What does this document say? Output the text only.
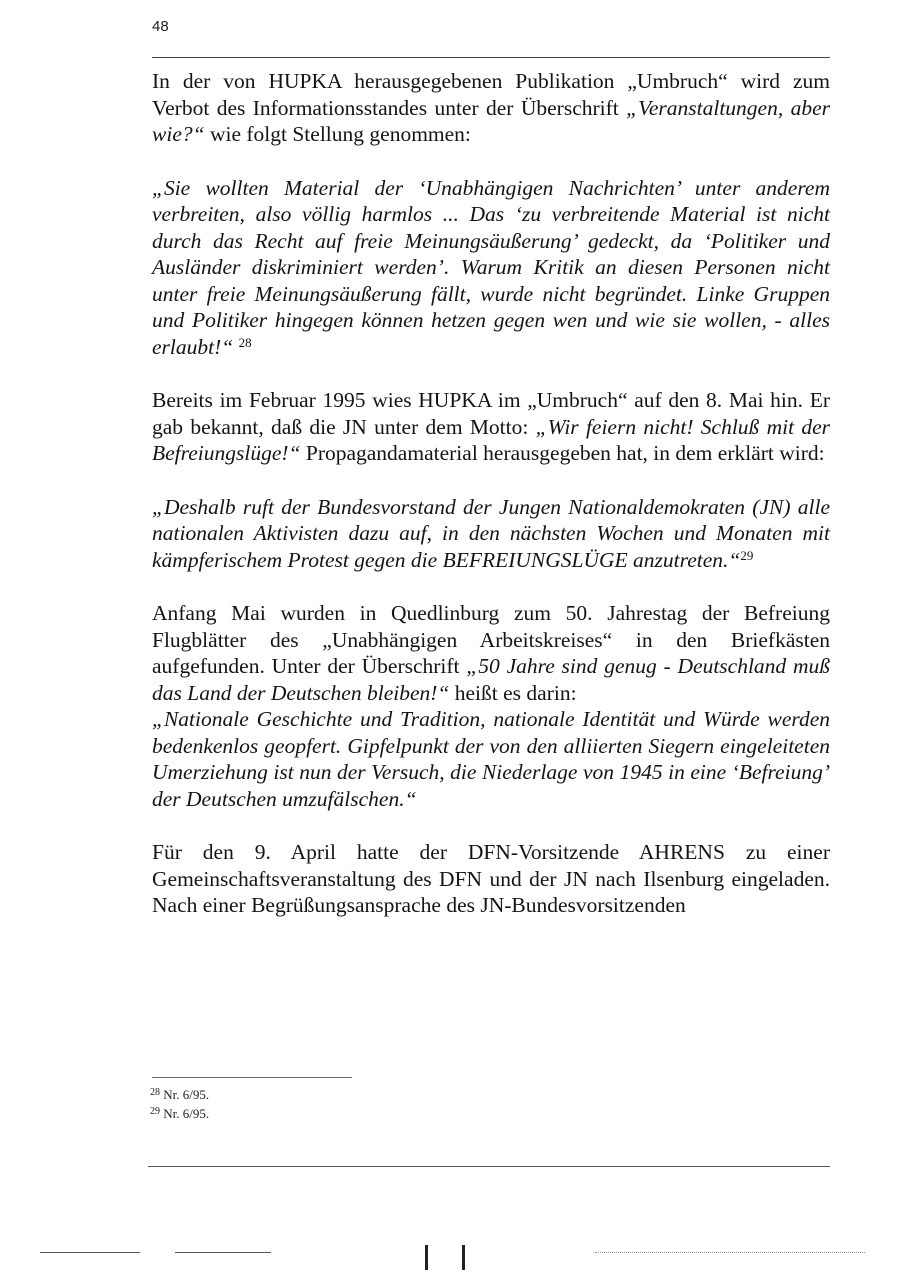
48

In der von HUPKA herausgegebenen Publikation „Umbruch“ wird zum Verbot des Informationsstandes unter der Überschrift „Veranstaltungen, aber wie?“ wie folgt Stellung genommen:

„Sie wollten Material der ‘Unabhängigen Nachrichten’ unter anderem verbreiten, also völlig harmlos ... Das ‘zu verbreitende Material ist nicht durch das Recht auf freie Meinungsäußerung’ gedeckt, da ‘Politiker und Ausländer diskriminiert werden’. Warum Kritik an diesen Personen nicht unter freie Meinungsäußerung fällt, wurde nicht begründet. Linke Gruppen und Politiker hingegen können hetzen gegen wen und wie sie wollen, - alles erlaubt!“ $^{28}$

Bereits im Februar 1995 wies HUPKA im „Umbruch“ auf den 8. Mai hin. Er gab bekannt, daß die JN unter dem Motto: „Wir feiern nicht! Schluß mit der Befreiungslüge!“ Propagandamaterial herausgegeben hat, in dem erklärt wird:

„Deshalb ruft der Bundesvorstand der Jungen Nationaldemokraten (JN) alle nationalen Aktivisten dazu auf, in den nächsten Wochen und Monaten mit kämpferischem Protest gegen die BEFREIUNGSLÜGE anzutreten.“$^{29}$

Anfang Mai wurden in Quedlinburg zum 50. Jahrestag der Befreiung Flugblätter des „Unabhängigen Arbeitskreises“ in den Briefkästen aufgefunden. Unter der Überschrift „50 Jahre sind genug - Deutschland muß das Land der Deutschen bleiben!“ heißt es darin:

„Nationale Geschichte und Tradition, nationale Identität und Würde werden bedenkenlos geopfert. Gipfelpunkt der von den alliierten Siegern eingeleiteten Umerziehung ist nun der Versuch, die Niederlage von 1945 in eine ‘Befreiung’ der Deutschen umzufälschen.“

Für den 9. April hatte der DFN-Vorsitzende AHRENS zu einer Gemeinschaftsveranstaltung des DFN und der JN nach Ilsenburg eingeladen. Nach einer Begrüßungsansprache des JN-Bundesvorsitzenden

$^{28}$ Nr. 6/95.
$^{29}$ Nr. 6/95.
